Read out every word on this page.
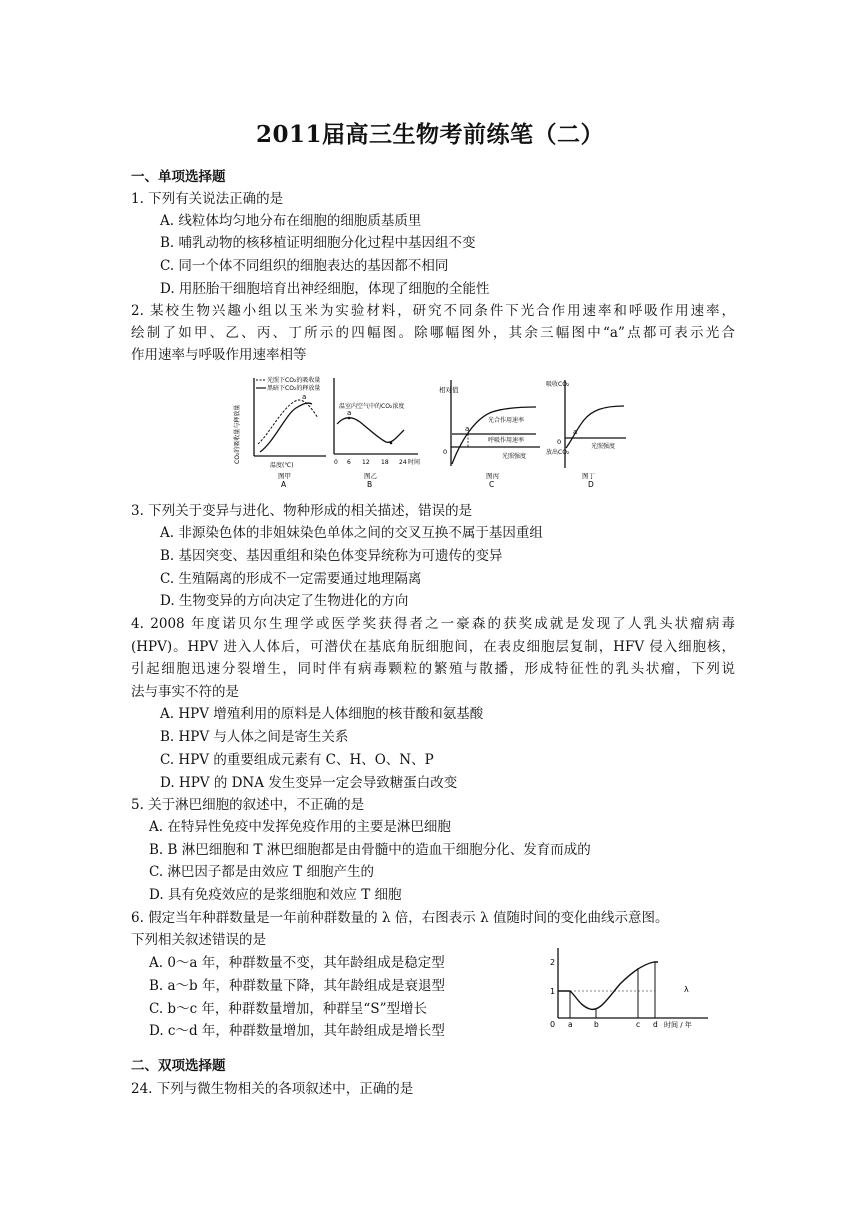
2011届高三生物考前练笔（二）
一、单项选择题
1. 下列有关说法正确的是
A. 线粒体均匀地分布在细胞的细胞质基质里
B. 哺乳动物的核移植证明细胞分化过程中基因组不变
C. 同一个体不同组织的细胞表达的基因都不相同
D. 用胚胎干细胞培育出神经细胞，体现了细胞的全能性
2. 某校生物兴趣小组以玉米为实验材料，研究不同条件下光合作用速率和呼吸作用速率，
绘制了如甲、乙、丙、丁所示的四幅图。除哪幅图外，其余三幅图中“a”点都可表示光合
作用速率与呼吸作用速率相等
CO₂的吸收量与释放量
光照下CO₂的吸收量
黑暗下CO₂的释放量
a
温度(℃)
图甲
A
温室内空气中的CO₂浓度
a
0 6 12 18 24 时间
图乙
B
相对值
a
光合作用速率
呼吸作用速率
0
光照强度
图丙
C
吸收CO₂
放出CO₂
a
0
光照强度
图丁
D
3. 下列关于变异与进化、物种形成的相关描述，错误的是
A. 非源染色体的非姐妹染色单体之间的交叉互换不属于基因重组
B. 基因突变、基因重组和染色体变异统称为可遗传的变异
C. 生殖隔离的形成不一定需要通过地理隔离
D. 生物变异的方向决定了生物进化的方向
4. 2008 年度诺贝尔生理学或医学奖获得者之一豪森的获奖成就是发现了人乳头状瘤病毒
(HPV)。HPV 进入人体后，可潜伏在基底角朊细胞间，在表皮细胞层复制，HFV 侵入细胞核，
引起细胞迅速分裂增生，同时伴有病毒颗粒的繁殖与散播，形成特征性的乳头状瘤，下列说
法与事实不符的是
A. HPV 增殖利用的原料是人体细胞的核苷酸和氨基酸
B. HPV 与人体之间是寄生关系
C. HPV 的重要组成元素有 C、H、O、N、P
D. HPV 的 DNA 发生变异一定会导致糖蛋白改变
5. 关于淋巴细胞的叙述中，不正确的是
A. 在特异性免疫中发挥免疫作用的主要是淋巴细胞
B. B 淋巴细胞和 T 淋巴细胞都是由骨髓中的造血干细胞分化、发育而成的
C. 淋巴因子都是由效应 T 细胞产生的
D. 具有免疫效应的是浆细胞和效应 T 细胞
6. 假定当年种群数量是一年前种群数量的 λ 倍，右图表示 λ 值随时间的变化曲线示意图。
下列相关叙述错误的是
A. 0～a 年，种群数量不变，其年龄组成是稳定型
B. a～b 年，种群数量下降，其年龄组成是衰退型
C. b～c 年，种群数量增加，种群呈“S”型增长
D. c～d 年，种群数量增加，其年龄组成是增长型
2
1
0 a	b	c d 时间 / 年
λ
二、双项选择题
24. 下列与微生物相关的各项叙述中，正确的是
